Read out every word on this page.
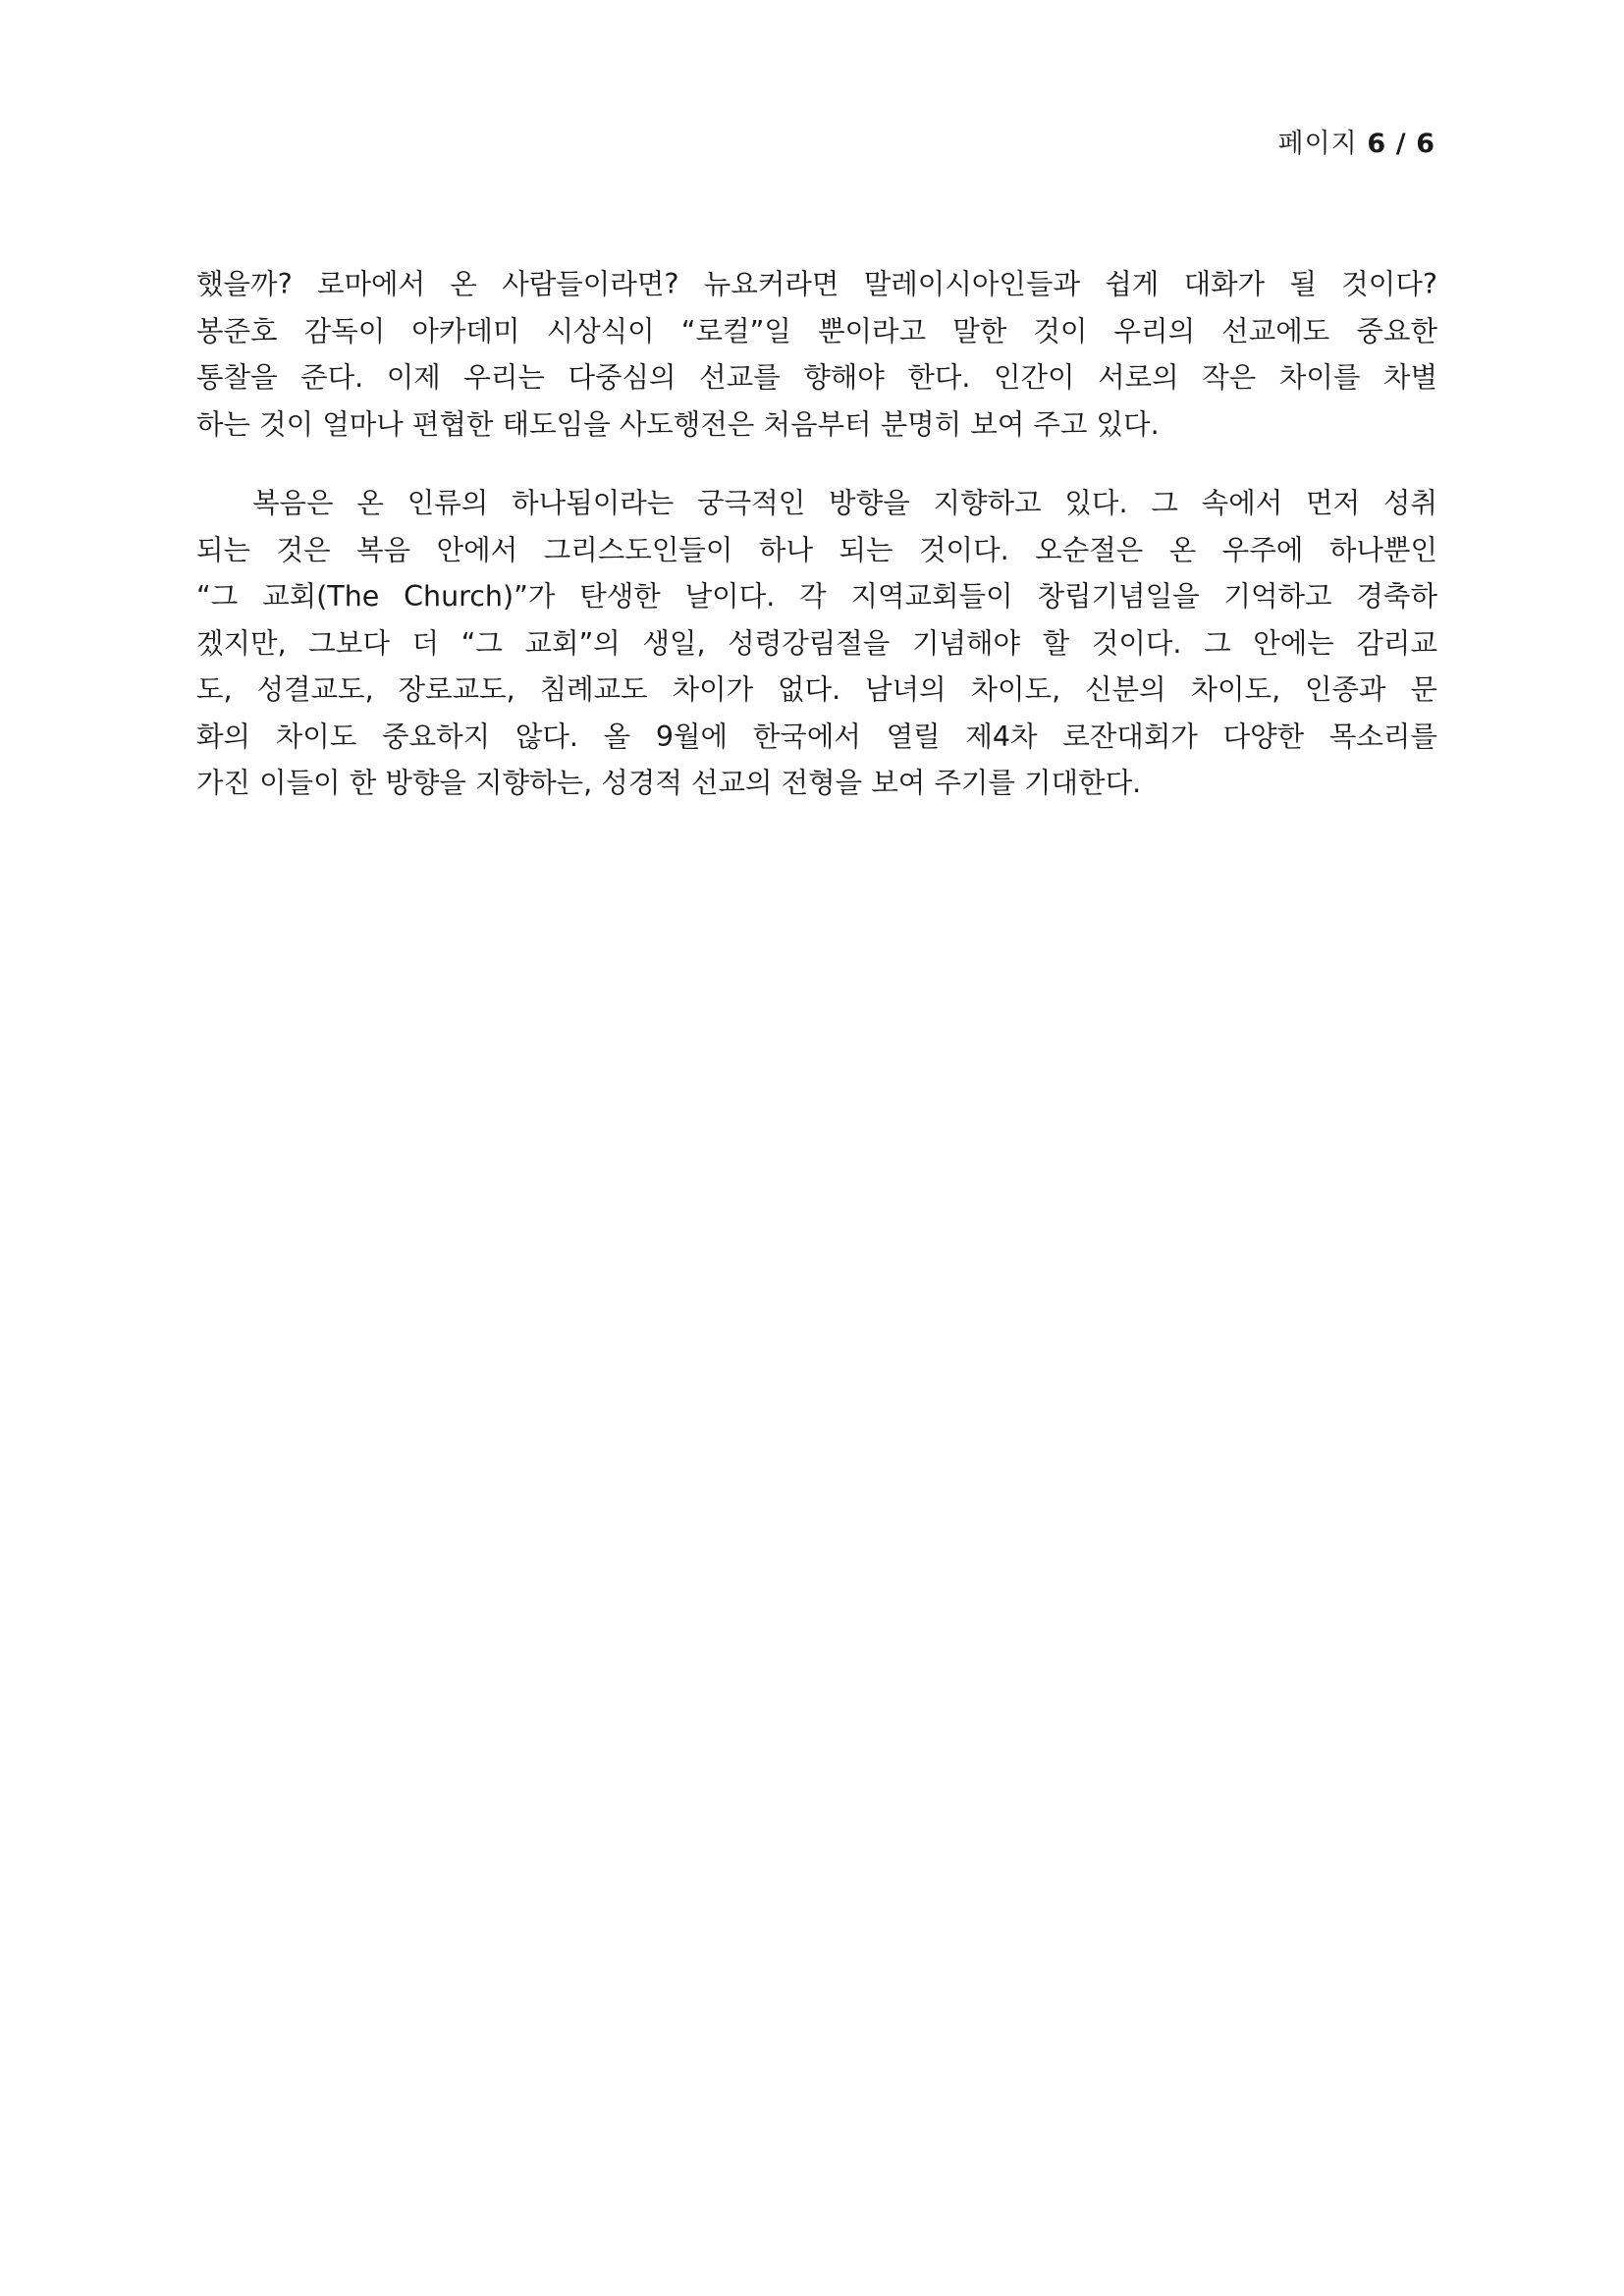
페이지 6 / 6

했을까? 로마에서 온 사람들이라면? 뉴요커라면 말레이시아인들과 쉽게 대화가 될 것이다?
봉준호 감독이 아카데미 시상식이 “로컬”일 뿐이라고 말한 것이 우리의 선교에도 중요한
통찰을 준다. 이제 우리는 다중심의 선교를 향해야 한다. 인간이 서로의 작은 차이를 차별
하는 것이 얼마나 편협한 태도임을 사도행전은 처음부터 분명히 보여 주고 있다.

복음은 온 인류의 하나됨이라는 궁극적인 방향을 지향하고 있다. 그 속에서 먼저 성취
되는 것은 복음 안에서 그리스도인들이 하나 되는 것이다. 오순절은 온 우주에 하나뿐인
“그 교회(The Church)”가 탄생한 날이다. 각 지역교회들이 창립기념일을 기억하고 경축하
겠지만, 그보다 더 “그 교회”의 생일, 성령강림절을 기념해야 할 것이다. 그 안에는 감리교
도, 성결교도, 장로교도, 침례교도 차이가 없다. 남녀의 차이도, 신분의 차이도, 인종과 문
화의 차이도 중요하지 않다. 올 9월에 한국에서 열릴 제4차 로잔대회가 다양한 목소리를
가진 이들이 한 방향을 지향하는, 성경적 선교의 전형을 보여 주기를 기대한다.
